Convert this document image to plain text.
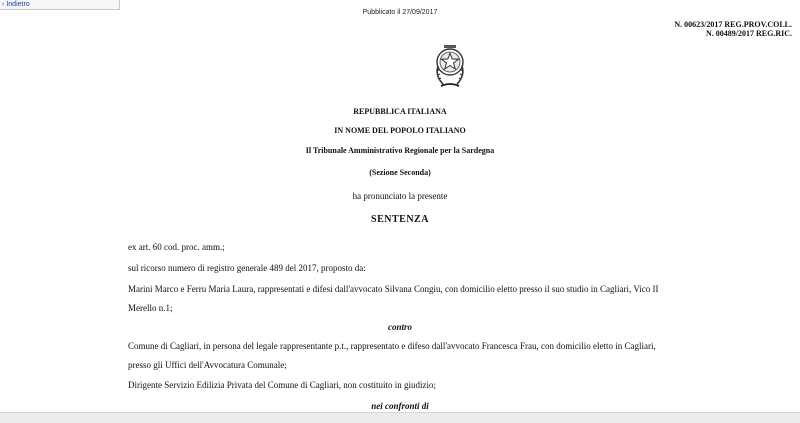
‹ Indietro
Pubblicato il 27/09/2017
N. 00623/2017 REG.PROV.COLL.
N. 00489/2017 REG.RIC.
REPUBBLICA ITALIANA
IN NOME DEL POPOLO ITALIANO
Il Tribunale Amministrativo Regionale per la Sardegna
(Sezione Seconda)
ha pronunciato la presente
SENTENZA
ex art. 60 cod. proc. amm.;
sul ricorso numero di registro generale 489 del 2017, proposto da:
Marini Marco e Ferru Maria Laura, rappresentati e difesi dall'avvocato Silvana Congiu, con domicilio eletto presso il suo studio in Cagliari, Vico II
Merello n.1;
contro
Comune di Cagliari, in persona del legale rappresentante p.t., rappresentato e difeso dall'avvocato Francesca Frau, con domicilio eletto in Cagliari,
presso gli Uffici dell'Avvocatura Comunale;
Dirigente Servizio Edilizia Privata del Comune di Cagliari, non costituito in giudizio;
nei confronti di
